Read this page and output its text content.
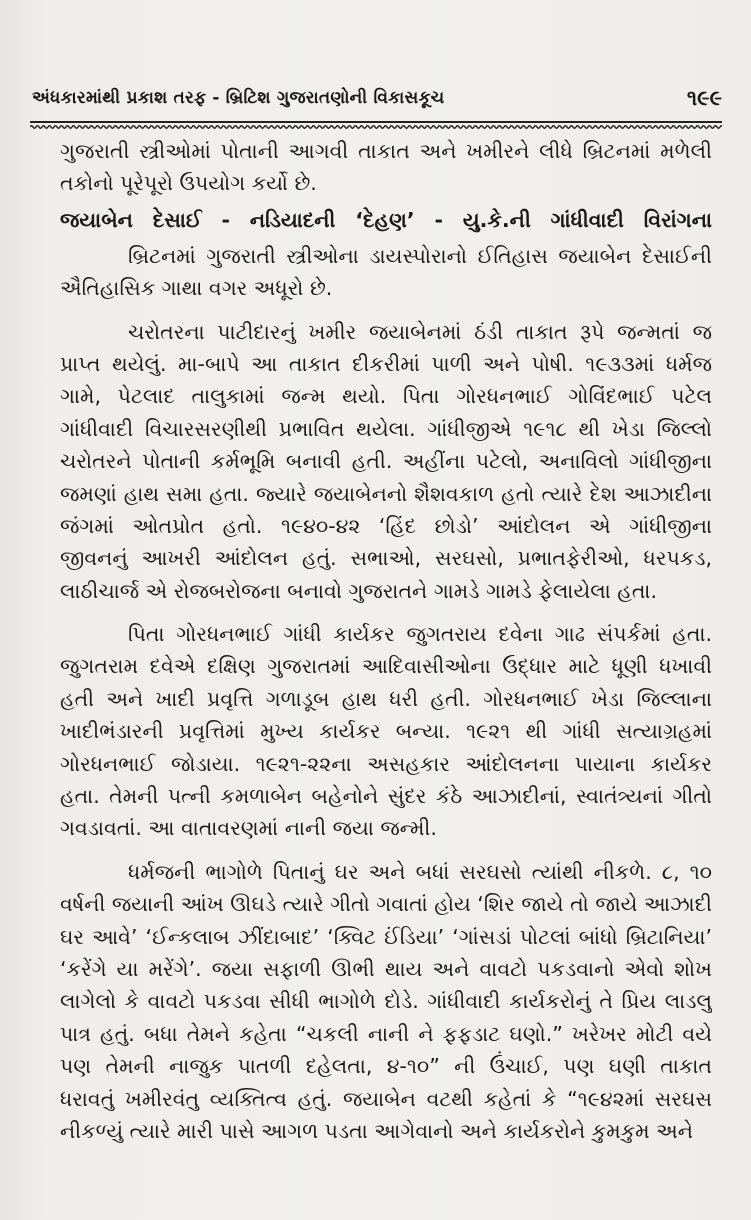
અંધકારમાંથી પ્રકાશ તરફ - બ્રિટિશ ગુજરાતણોની વિકાસકૂચ	૧૯૯
ગુજરાતી સ્ત્રીઓમાં પોતાની આગવી તાકાત અને ખમીરને લીધે બ્રિટનમાં મળેલી
તકોનો પૂરેપૂરો ઉપયોગ કર્યો છે.
જયાબેન દેસાઈ - નડિયાદની ‘દેહણ’ - યુ.કે.ની ગાંધીવાદી વિરાંગના
બ્રિટનમાં ગુજરાતી સ્ત્રીઓના ડાયસ્પોરાનો ઈતિહાસ જયાબેન દેસાઈની
ઐતિહાસિક ગાથા વગર અધૂરો છે.
ચરોતરના પાટીદારનું ખમીર જયાબેનમાં ઠંડી તાકાત રૂપે જન્મતાં જ
પ્રાપ્ત થયેલું. મા-બાપે આ તાકાત દીકરીમાં પાળી અને પોષી. ૧૯૩૩માં ધર્મજ
ગામે, પેટલાદ તાલુકામાં જન્મ થયો. પિતા ગોરધનભાઈ ગોવિંદભાઈ પટેલ
ગાંધીવાદી વિચારસરણીથી પ્રભાવિત થયેલા. ગાંધીજીએ ૧૯૧૮ થી ખેડા જિલ્લો
ચરોતરને પોતાની કર્મભૂમિ બનાવી હતી. અહીંના પટેલો, અનાવિલો ગાંધીજીના
જમણાં હાથ સમા હતા. જ્યારે જયાબેનનો શૈશવકાળ હતો ત્યારે દેશ આઝાદીના
જંગમાં ઓતપ્રોત હતો. ૧૯૪૦-૪૨ ‘હિંદ છોડો’ આંદોલન એ ગાંધીજીના
જીવનનું આખરી આંદોલન હતું. સભાઓ, સરઘસો, પ્રભાતફેરીઓ, ધરપકડ,
લાઠીચાર્જ એ રોજબરોજના બનાવો ગુજરાતને ગામડે ગામડે ફેલાયેલા હતા.
પિતા ગોરધનભાઈ ગાંધી કાર્યકર જુગતરાય દવેના ગાઢ સંપર્કમાં હતા.
જુગતરામ દવેએ દક્ષિણ ગુજરાતમાં આદિવાસીઓના ઉદ્ધાર માટે ધૂણી ધખાવી
હતી અને ખાદી પ્રવૃત્તિ ગળાડૂબ હાથ ધરી હતી. ગોરધનભાઈ ખેડા જિલ્લાના
ખાદીભંડારની પ્રવૃત્તિમાં મુખ્ય કાર્યકર બન્યા. ૧૯૨૧ થી ગાંધી સત્યાગ્રહમાં
ગોરધનભાઈ જોડાયા. ૧૯૨૧-૨૨ના અસહકાર આંદોલનના પાયાના કાર્યકર
હતા. તેમની પત્ની કમળાબેન બહેનોને સુંદર કંઠે આઝાદીનાં, સ્વાતંત્ર્યનાં ગીતો
ગવડાવતાં. આ વાતાવરણમાં નાની જયા જન્મી.
ધર્મજની ભાગોળે પિતાનું ઘર અને બધાં સરઘસો ત્યાંથી નીકળે. ૮, ૧૦
વર્ષની જયાની આંખ ઊઘડે ત્યારે ગીતો ગવાતાં હોય ‘શિર જાયે તો જાયે આઝાદી
ઘર આવે’ ‘ઈન્કલાબ ઝીંદાબાદ’ ‘ક્વિટ ઈંડિયા’ ‘ગાંસડાં પોટલાં બાંધો બ્રિટાનિયા’
‘કરેંગે યા મરેંગે’. જયા સફાળી ઊભી થાય અને વાવટો પકડવાનો એવો શોખ
લાગેલો કે વાવટો પકડવા સીધી ભાગોળે દોડે. ગાંધીવાદી કાર્યકરોનું તે પ્રિય લાડલુ
પાત્ર હતું. બધા તેમને કહેતા “ચકલી નાની ને ફફડાટ ઘણો.” ખરેખર મોટી વયે
પણ તેમની નાજુક પાતળી દહેલતા, ૪-૧૦” ની ઉંચાઈ, પણ ઘણી તાકાત
ધરાવતું ખમીરવંતુ વ્યક્તિત્વ હતું. જયાબેન વટથી કહેતાં કે “૧૯૪૨માં સરઘસ
નીકળ્યું ત્યારે મારી પાસે આગળ પડતા આગેવાનો અને કાર્યકરોને કુમકુમ અને
